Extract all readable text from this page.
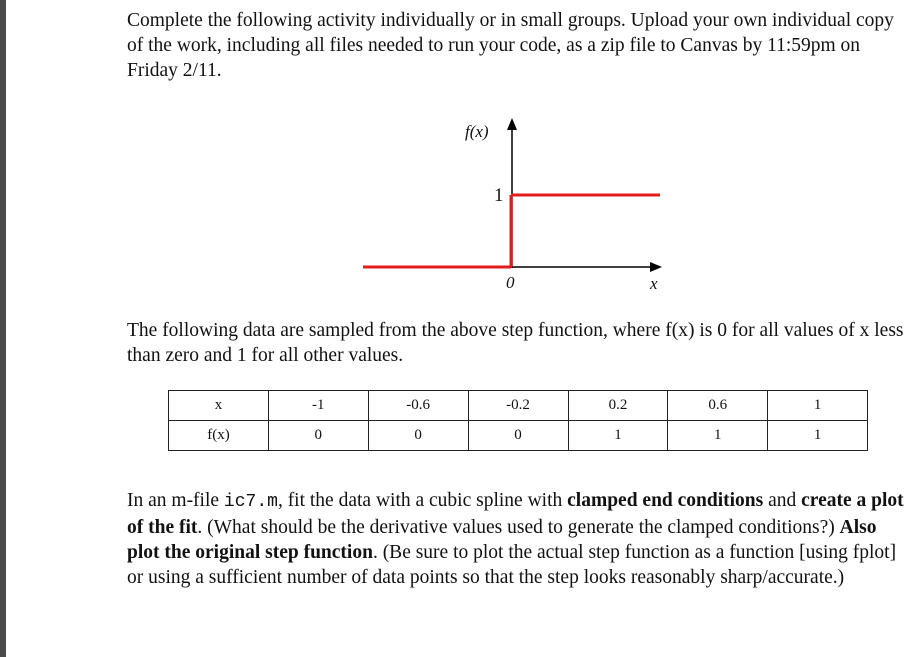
Complete the following activity individually or in small groups. Upload your own individual copy of the work, including all files needed to run your code, as a zip file to Canvas by 11:59pm on Friday 2/11.

f(x)
1
0	x

The following data are sampled from the above step function, where f(x) is 0 for all values of x less than zero and 1 for all other values.

x	-1	-0.6	-0.2	0.2	0.6	1
f(x)	0	0	0	1	1	1

In an m-file ic7.m, fit the data with a cubic spline with clamped end conditions and create a plot of the fit. (What should be the derivative values used to generate the clamped conditions?) Also plot the original step function. (Be sure to plot the actual step function as a function [using fplot] or using a sufficient number of data points so that the step looks reasonably sharp/accurate.)
